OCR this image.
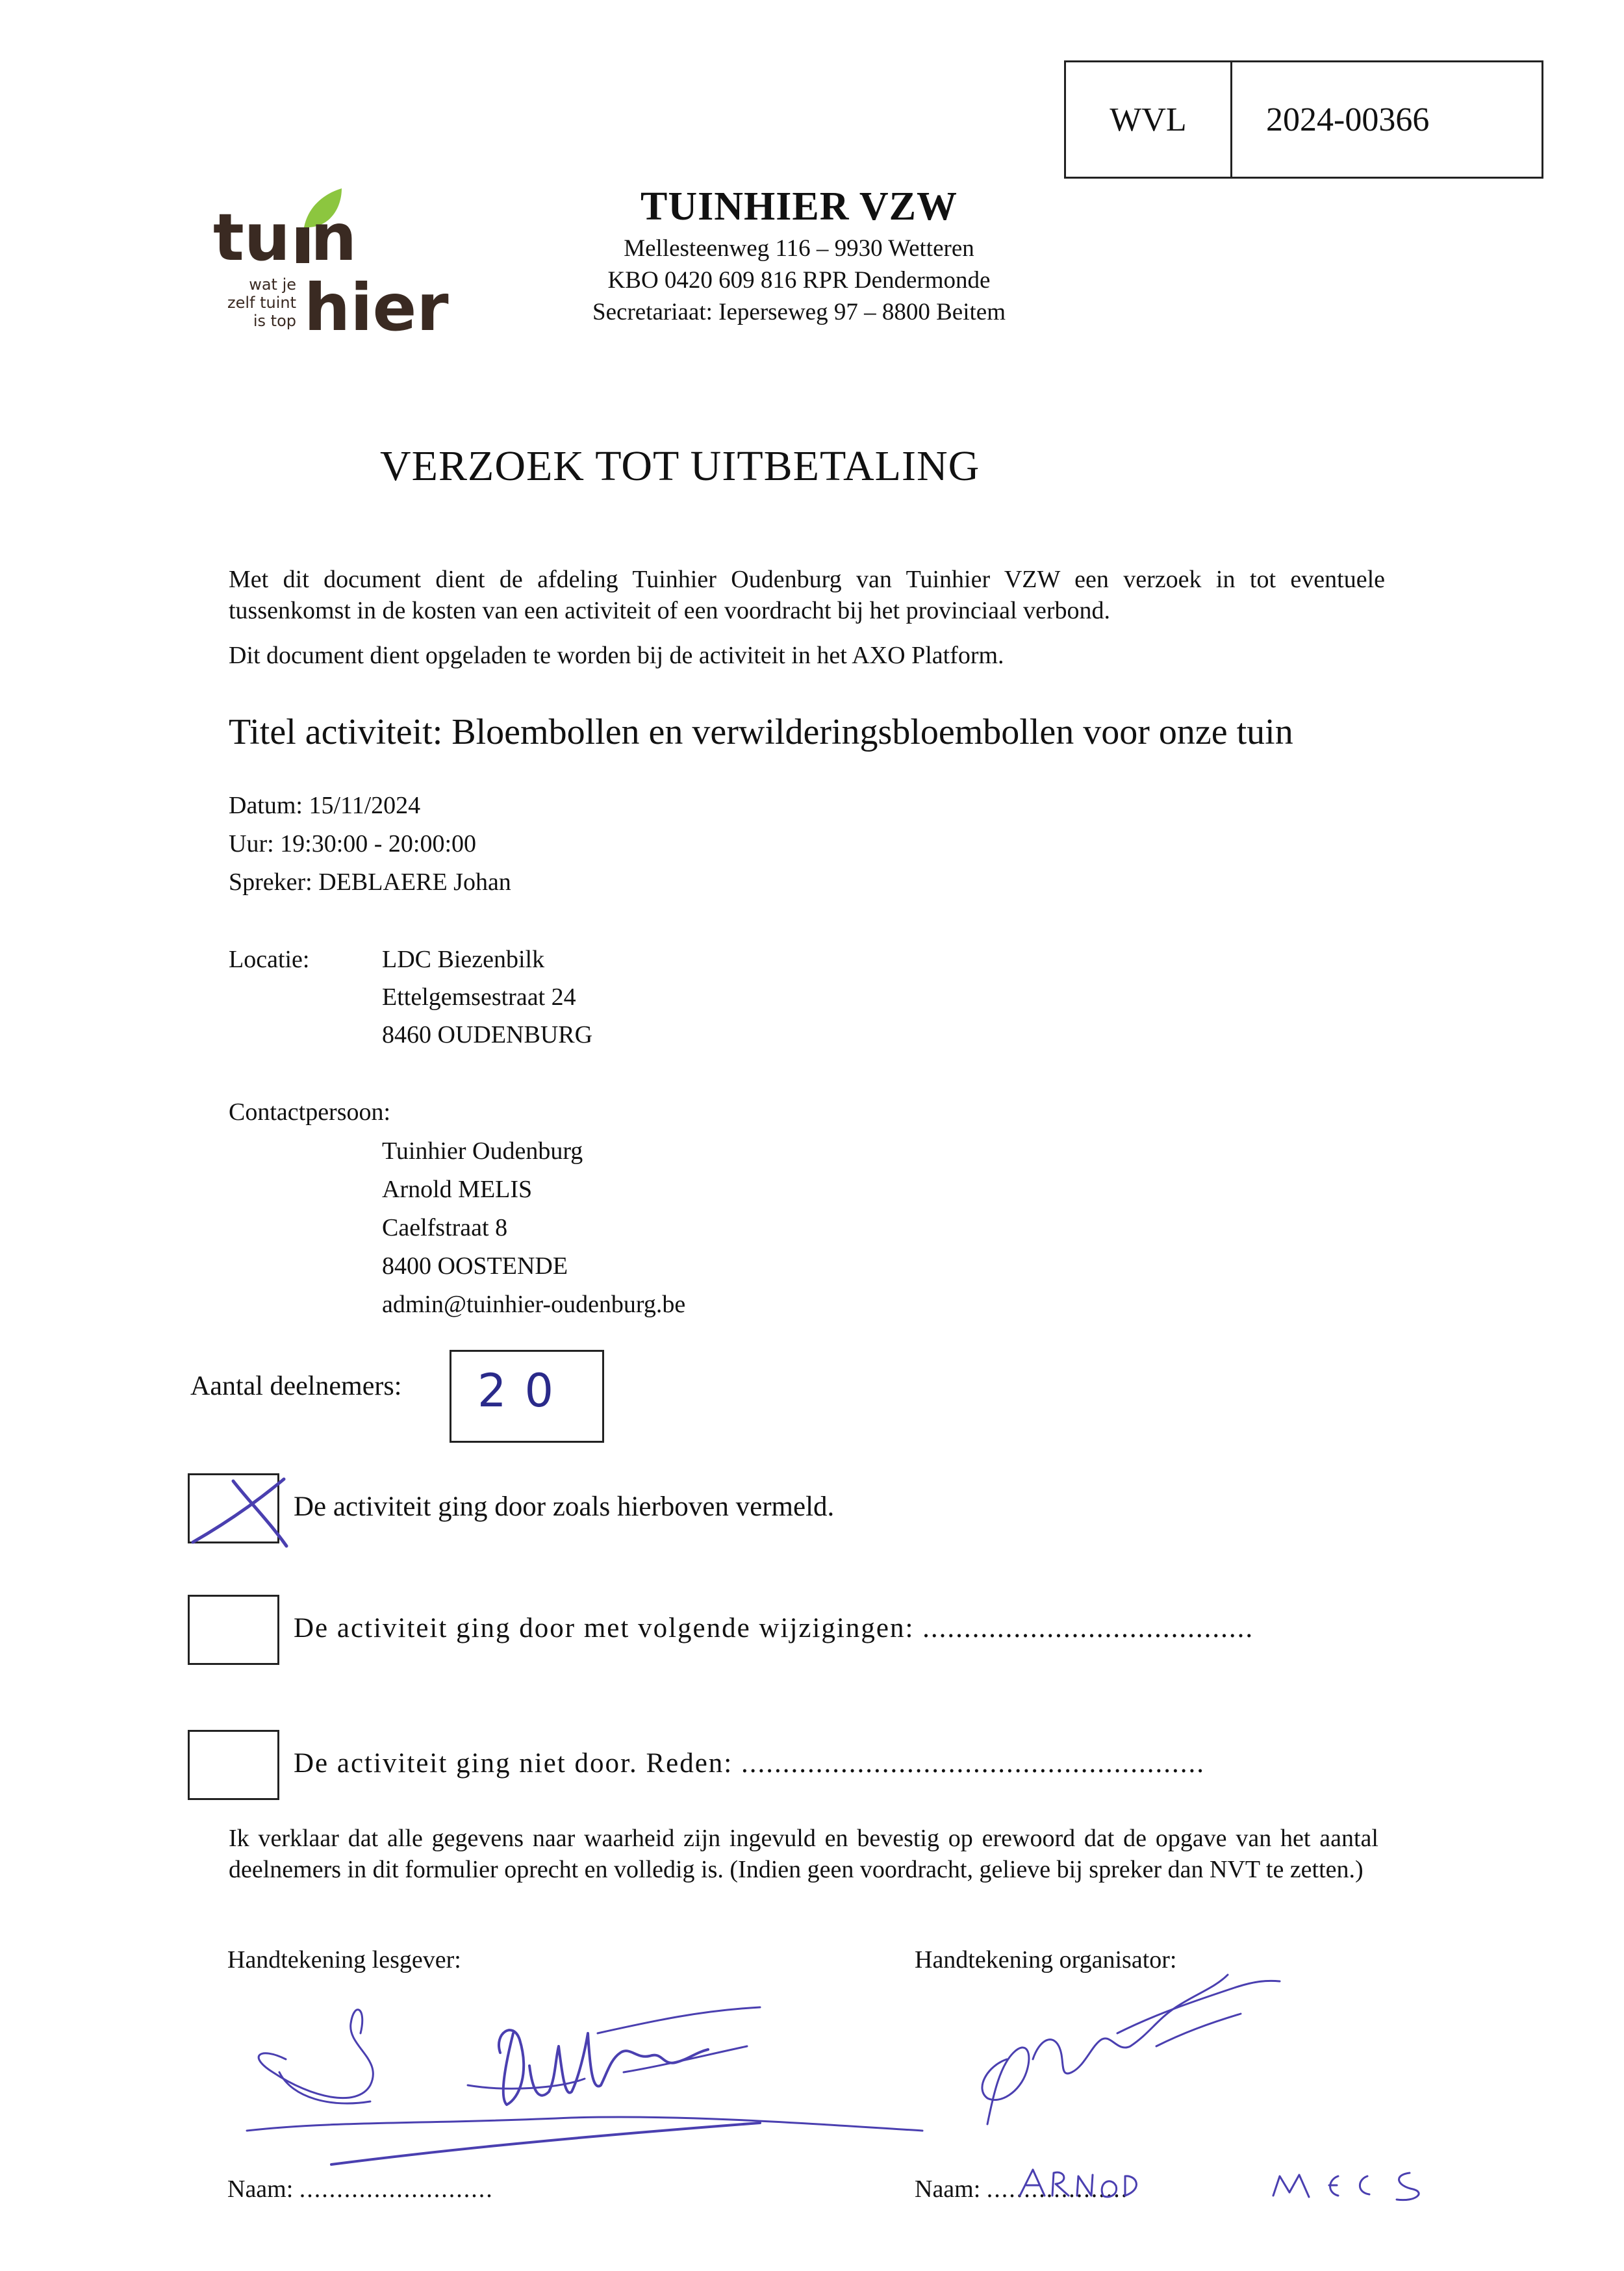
WVL	2024-00366
tu n
hier
wat je
zelf tuint
is top
TUINHIER VZW
Mellesteenweg 116 – 9930 Wetteren
KBO 0420 609 816 RPR Dendermonde
Secretariaat: Ieperseweg 97 – 8800 Beitem
VERZOEK TOT UITBETALING
Met dit document dient de afdeling Tuinhier Oudenburg van Tuinhier VZW een verzoek in tot eventuele tussenkomst in de kosten van een activiteit of een voordracht bij het provinciaal verbond.
Dit document dient opgeladen te worden bij de activiteit in het AXO Platform.
Titel activiteit: Bloembollen en verwilderingsbloembollen voor onze tuin
Datum: 15/11/2024
Uur: 19:30:00 - 20:00:00
Spreker: DEBLAERE Johan
Locatie:	LDC Biezenbilk
Ettelgemsestraat 24
8460 OUDENBURG
Contactpersoon:
Tuinhier Oudenburg
Arnold MELIS
Caelfstraat 8
8400 OOSTENDE
admin@tuinhier-oudenburg.be
Aantal deelnemers: 20
De activiteit ging door zoals hierboven vermeld.
De activiteit ging door met volgende wijzigingen: ........................................
De activiteit ging niet door. Reden: ........................................................
Ik verklaar dat alle gegevens naar waarheid zijn ingevuld en bevestig op erewoord dat de opgave van het aantal deelnemers in dit formulier oprecht en volledig is. (Indien geen voordracht, gelieve bij spreker dan NVT te zetten.)
Handtekening lesgever:	Handtekening organisator:
Naam: ..........................	Naam: ...................
